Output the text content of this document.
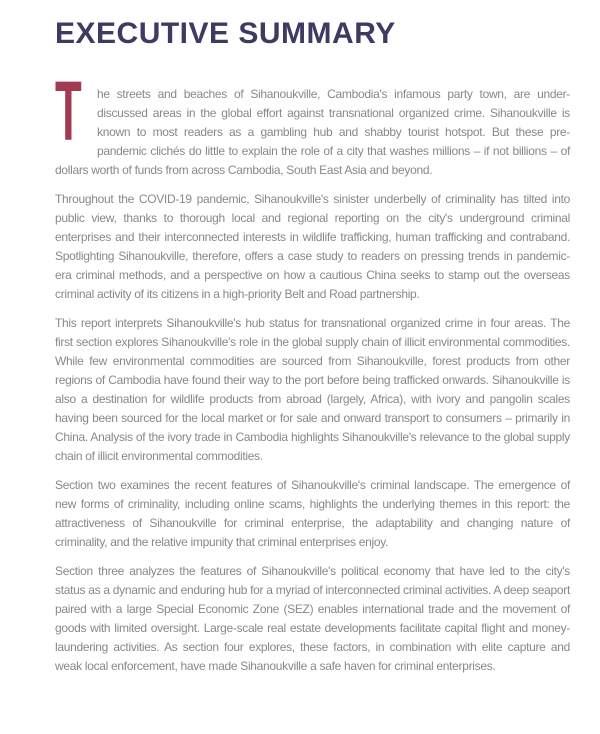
EXECUTIVE SUMMARY

T he streets and beaches of Sihanoukville, Cambodia's infamous party town, are under-discussed areas in the global effort against transnational organized crime. Sihanoukville is known to most readers as a gambling hub and shabby tourist hotspot. But these pre-pandemic clichés do little to explain the role of a city that washes millions – if not billions – of dollars worth of funds from across Cambodia, South East Asia and beyond.

Throughout the COVID-19 pandemic, Sihanoukville's sinister underbelly of criminality has tilted into public view, thanks to thorough local and regional reporting on the city's underground criminal enterprises and their interconnected interests in wildlife trafficking, human trafficking and contraband. Spotlighting Sihanoukville, therefore, offers a case study to readers on pressing trends in pandemic-era criminal methods, and a perspective on how a cautious China seeks to stamp out the overseas criminal activity of its citizens in a high-priority Belt and Road partnership.

This report interprets Sihanoukville's hub status for transnational organized crime in four areas. The first section explores Sihanoukville's role in the global supply chain of illicit environmental commodities. While few environmental commodities are sourced from Sihanoukville, forest products from other regions of Cambodia have found their way to the port before being trafficked onwards. Sihanoukville is also a destination for wildlife products from abroad (largely, Africa), with ivory and pangolin scales having been sourced for the local market or for sale and onward transport to consumers – primarily in China. Analysis of the ivory trade in Cambodia highlights Sihanoukville's relevance to the global supply chain of illicit environmental commodities.

Section two examines the recent features of Sihanoukville's criminal landscape. The emergence of new forms of criminality, including online scams, highlights the underlying themes in this report: the attractiveness of Sihanoukville for criminal enterprise, the adaptability and changing nature of criminality, and the relative impunity that criminal enterprises enjoy.

Section three analyzes the features of Sihanoukville's political economy that have led to the city's status as a dynamic and enduring hub for a myriad of interconnected criminal activities. A deep seaport paired with a large Special Economic Zone (SEZ) enables international trade and the movement of goods with limited oversight. Large-scale real estate developments facilitate capital flight and money-laundering activities. As section four explores, these factors, in combination with elite capture and weak local enforcement, have made Sihanoukville a safe haven for criminal enterprises.
